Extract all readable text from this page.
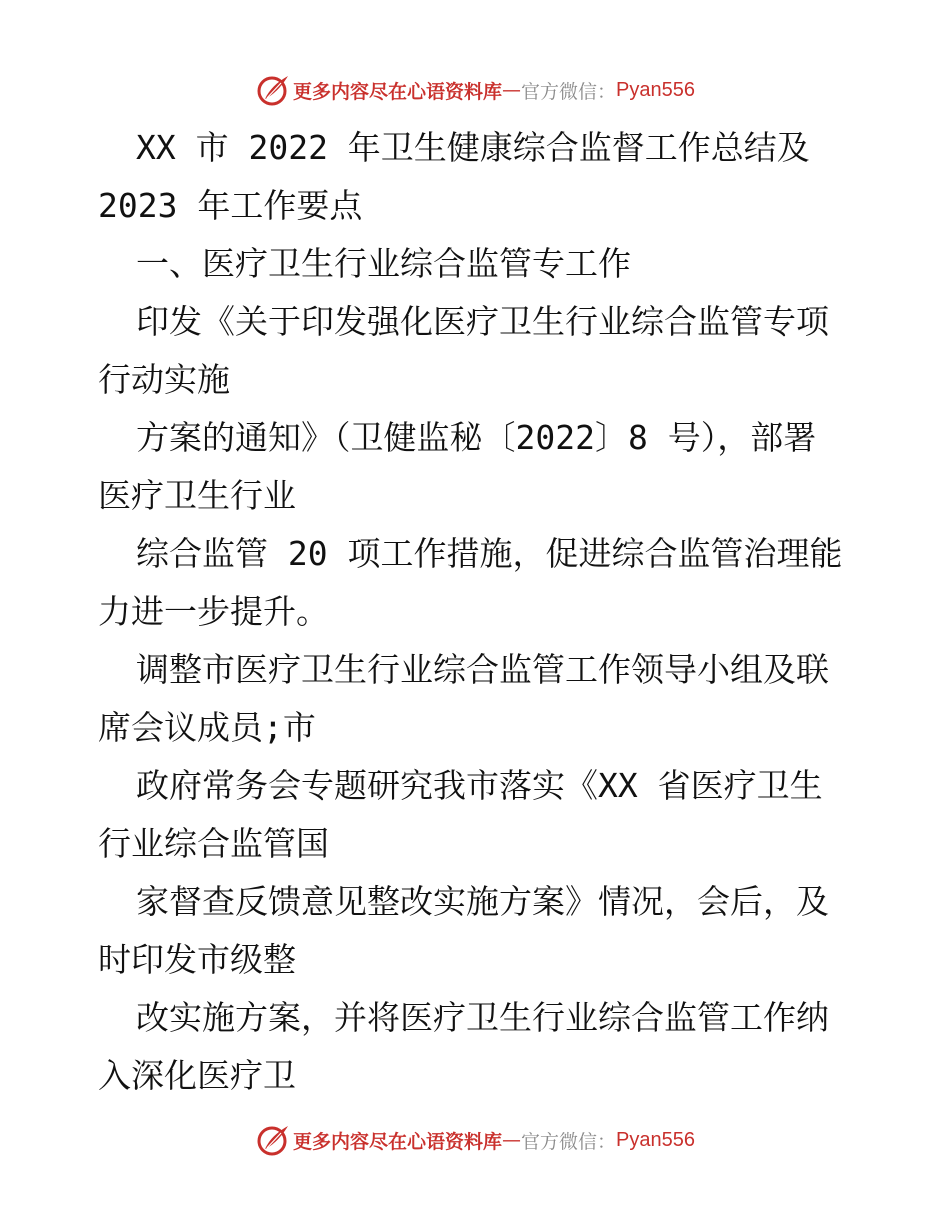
更多内容尽在心语资料库 — 官方微信： Pyan556
XX 市 2022 年卫生健康综合监督工作总结及
2023 年工作要点
一、医疗卫生行业综合监管专工作
印发《关于印发强化医疗卫生行业综合监管专项
行动实施
方案的通知》（卫健监秘〔2022〕8 号），部署
医疗卫生行业
综合监管 20 项工作措施，促进综合监管治理能
力进一步提升。
调整市医疗卫生行业综合监管工作领导小组及联
席会议成员;市
政府常务会专题研究我市落实《XX 省医疗卫生
行业综合监管国
家督查反馈意见整改实施方案》情况，会后，及
时印发市级整
改实施方案，并将医疗卫生行业综合监管工作纳
入深化医疗卫
更多内容尽在心语资料库 — 官方微信： Pyan556
